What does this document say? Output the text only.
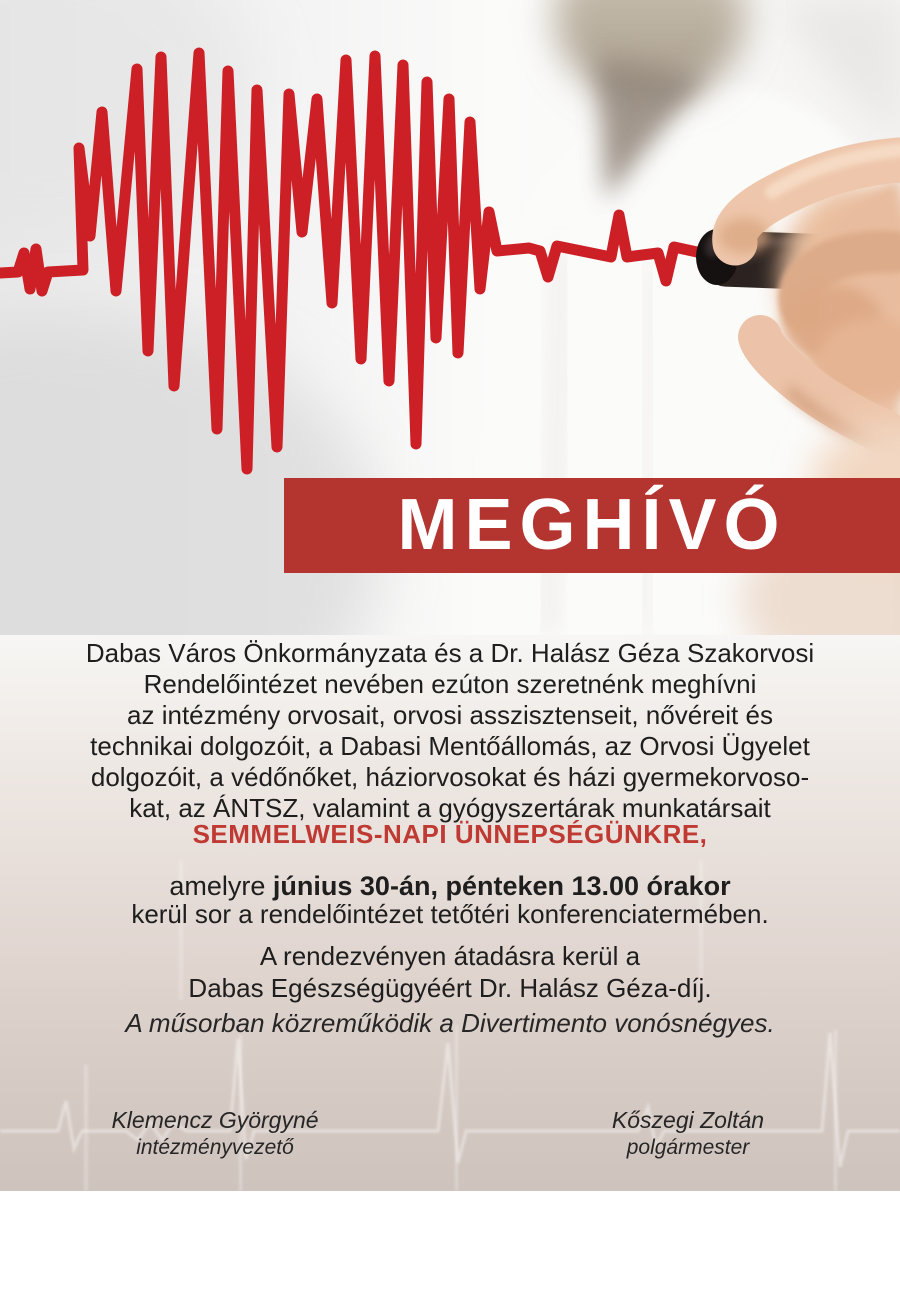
MEGHÍVÓ
Dabas Város Önkormányzata és a Dr. Halász Géza Szakorvosi
Rendelőintézet nevében ezúton szeretnénk meghívni
az intézmény orvosait, orvosi asszisztenseit, nővéreit és
technikai dolgozóit, a Dabasi Mentőállomás, az Orvosi Ügyelet
dolgozóit, a védőnőket, háziorvosokat és házi gyermekorvoso-
kat, az ÁNTSZ, valamint a gyógyszertárak munkatársait
SEMMELWEIS-NAPI ÜNNEPSÉGÜNKRE,
amelyre június 30-án, pénteken 13.00 órakor
kerül sor a rendelőintézet tetőtéri konferenciatermében.
A rendezvényen átadásra kerül a
Dabas Egészségügyéért Dr. Halász Géza-díj.
A műsorban közreműködik a Divertimento vonósnégyes.
Klemencz Györgyné
intézményvezető
Kőszegi Zoltán
polgármester
